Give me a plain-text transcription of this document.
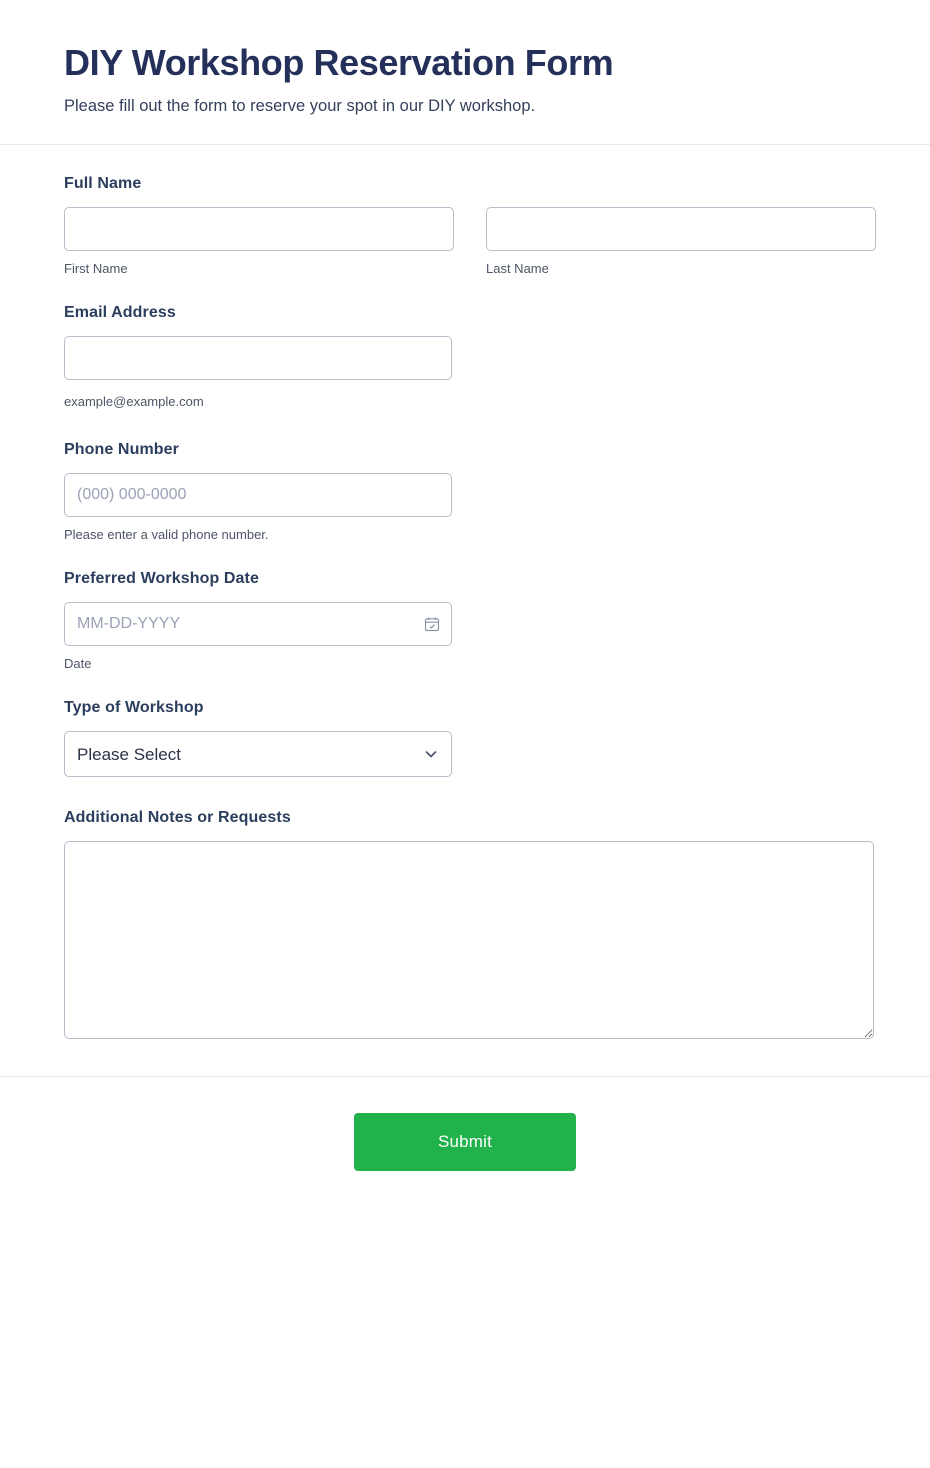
DIY Workshop Reservation Form

Please fill out the form to reserve your spot in our DIY workshop.

Full Name
First Name	Last Name
Email Address
example@example.com
Phone Number
(000) 000-0000
Please enter a valid phone number.
Preferred Workshop Date
MM-DD-YYYY
Date
Type of Workshop
Please Select
Additional Notes or Requests
Submit
